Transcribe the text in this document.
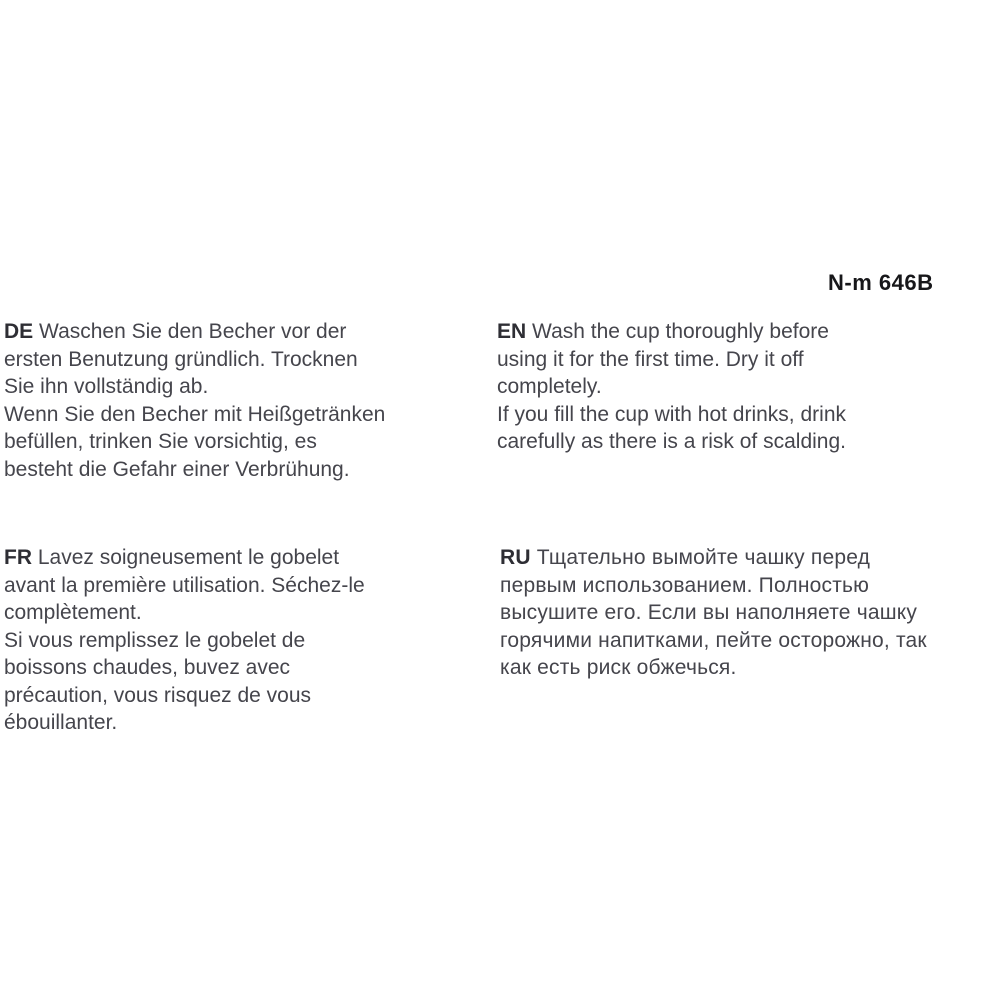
N-m 646B
DE Waschen Sie den Becher vor der
ersten Benutzung gründlich. Trocknen
Sie ihn vollständig ab.
Wenn Sie den Becher mit Heißgetränken
befüllen, trinken Sie vorsichtig, es
besteht die Gefahr einer Verbrühung.
EN Wash the cup thoroughly before
using it for the first time. Dry it off
completely.
If you fill the cup with hot drinks, drink
carefully as there is a risk of scalding.
FR Lavez soigneusement le gobelet
avant la première utilisation. Séchez-le
complètement.
Si vous remplissez le gobelet de
boissons chaudes, buvez avec
précaution, vous risquez de vous
ébouillanter.
RU Тщательно вымойте чашку перед
первым использованием. Полностью
высушите его. Если вы наполняете чашку
горячими напитками, пейте осторожно, так
как есть риск обжечься.
